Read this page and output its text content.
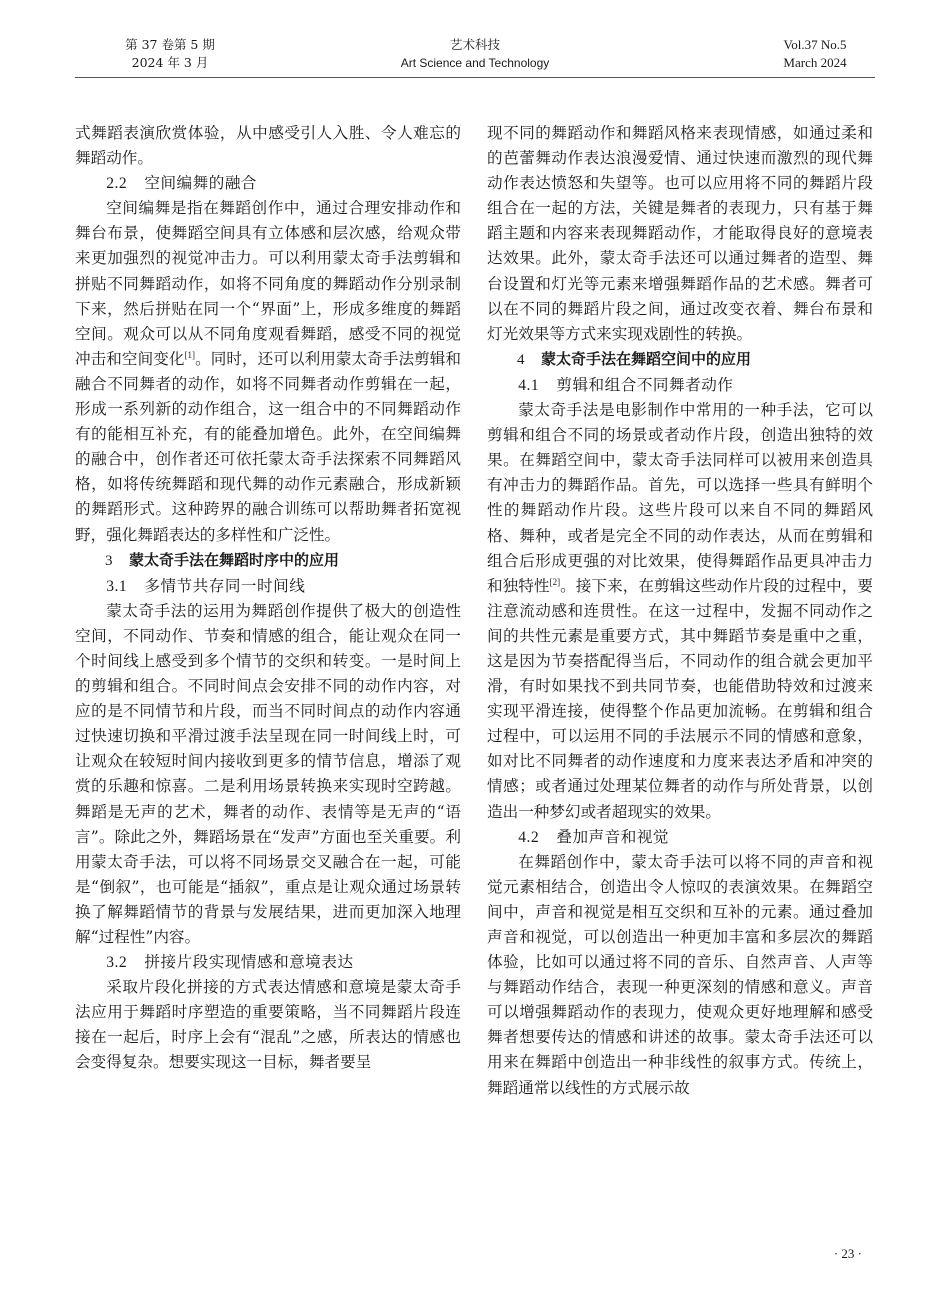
第 37 卷第 5 期
2024 年 3 月
艺术科技
Art Science and Technology
Vol.37 No.5
March 2024

式舞蹈表演欣赏体验，从中感受引人入胜、令人难忘的舞蹈动作。

2.2 空间编舞的融合

空间编舞是指在舞蹈创作中，通过合理安排动作和舞台布景，使舞蹈空间具有立体感和层次感，给观众带来更加强烈的视觉冲击力。可以利用蒙太奇手法剪辑和拼贴不同舞蹈动作，如将不同角度的舞蹈动作分别录制下来，然后拼贴在同一个“界面”上，形成多维度的舞蹈空间。观众可以从不同角度观看舞蹈，感受不同的视觉冲击和空间变化[1]。同时，还可以利用蒙太奇手法剪辑和融合不同舞者的动作，如将不同舞者动作剪辑在一起，形成一系列新的动作组合，这一组合中的不同舞蹈动作有的能相互补充，有的能叠加增色。此外，在空间编舞的融合中，创作者还可依托蒙太奇手法探索不同舞蹈风格，如将传统舞蹈和现代舞的动作元素融合，形成新颖的舞蹈形式。这种跨界的融合训练可以帮助舞者拓宽视野，强化舞蹈表达的多样性和广泛性。

3 蒙太奇手法在舞蹈时序中的应用
3.1 多情节共存同一时间线

蒙太奇手法的运用为舞蹈创作提供了极大的创造性空间，不同动作、节奏和情感的组合，能让观众在同一个时间线上感受到多个情节的交织和转变。一是时间上的剪辑和组合。不同时间点会安排不同的动作内容，对应的是不同情节和片段，而当不同时间点的动作内容通过快速切换和平滑过渡手法呈现在同一时间线上时，可让观众在较短时间内接收到更多的情节信息，增添了观赏的乐趣和惊喜。二是利用场景转换来实现时空跨越。舞蹈是无声的艺术，舞者的动作、表情等是无声的“语言”。除此之外，舞蹈场景在“发声”方面也至关重要。利用蒙太奇手法，可以将不同场景交叉融合在一起，可能是“倒叙”，也可能是“插叙”，重点是让观众通过场景转换了解舞蹈情节的背景与发展结果，进而更加深入地理解“过程性”内容。

3.2 拼接片段实现情感和意境表达

采取片段化拼接的方式表达情感和意境是蒙太奇手法应用于舞蹈时序塑造的重要策略，当不同舞蹈片段连接在一起后，时序上会有“混乱”之感，所表达的情感也会变得复杂。想要实现这一目标，舞者要呈

现不同的舞蹈动作和舞蹈风格来表现情感，如通过柔和的芭蕾舞动作表达浪漫爱情、通过快速而激烈的现代舞动作表达愤怒和失望等。也可以应用将不同的舞蹈片段组合在一起的方法，关键是舞者的表现力，只有基于舞蹈主题和内容来表现舞蹈动作，才能取得良好的意境表达效果。此外，蒙太奇手法还可以通过舞者的造型、舞台设置和灯光等元素来增强舞蹈作品的艺术感。舞者可以在不同的舞蹈片段之间，通过改变衣着、舞台布景和灯光效果等方式来实现戏剧性的转换。

4 蒙太奇手法在舞蹈空间中的应用
4.1 剪辑和组合不同舞者动作

蒙太奇手法是电影制作中常用的一种手法，它可以剪辑和组合不同的场景或者动作片段，创造出独特的效果。在舞蹈空间中，蒙太奇手法同样可以被用来创造具有冲击力的舞蹈作品。首先，可以选择一些具有鲜明个性的舞蹈动作片段。这些片段可以来自不同的舞蹈风格、舞种，或者是完全不同的动作表达，从而在剪辑和组合后形成更强的对比效果，使得舞蹈作品更具冲击力和独特性[2]。接下来，在剪辑这些动作片段的过程中，要注意流动感和连贯性。在这一过程中，发掘不同动作之间的共性元素是重要方式，其中舞蹈节奏是重中之重，这是因为节奏搭配得当后，不同动作的组合就会更加平滑，有时如果找不到共同节奏，也能借助特效和过渡来实现平滑连接，使得整个作品更加流畅。在剪辑和组合过程中，可以运用不同的手法展示不同的情感和意象，如对比不同舞者的动作速度和力度来表达矛盾和冲突的情感；或者通过处理某位舞者的动作与所处背景，以创造出一种梦幻或者超现实的效果。

4.2 叠加声音和视觉

在舞蹈创作中，蒙太奇手法可以将不同的声音和视觉元素相结合，创造出令人惊叹的表演效果。在舞蹈空间中，声音和视觉是相互交织和互补的元素。通过叠加声音和视觉，可以创造出一种更加丰富和多层次的舞蹈体验，比如可以通过将不同的音乐、自然声音、人声等与舞蹈动作结合，表现一种更深刻的情感和意义。声音可以增强舞蹈动作的表现力，使观众更好地理解和感受舞者想要传达的情感和讲述的故事。蒙太奇手法还可以用来在舞蹈中创造出一种非线性的叙事方式。传统上，舞蹈通常以线性的方式展示故

· 23 ·
